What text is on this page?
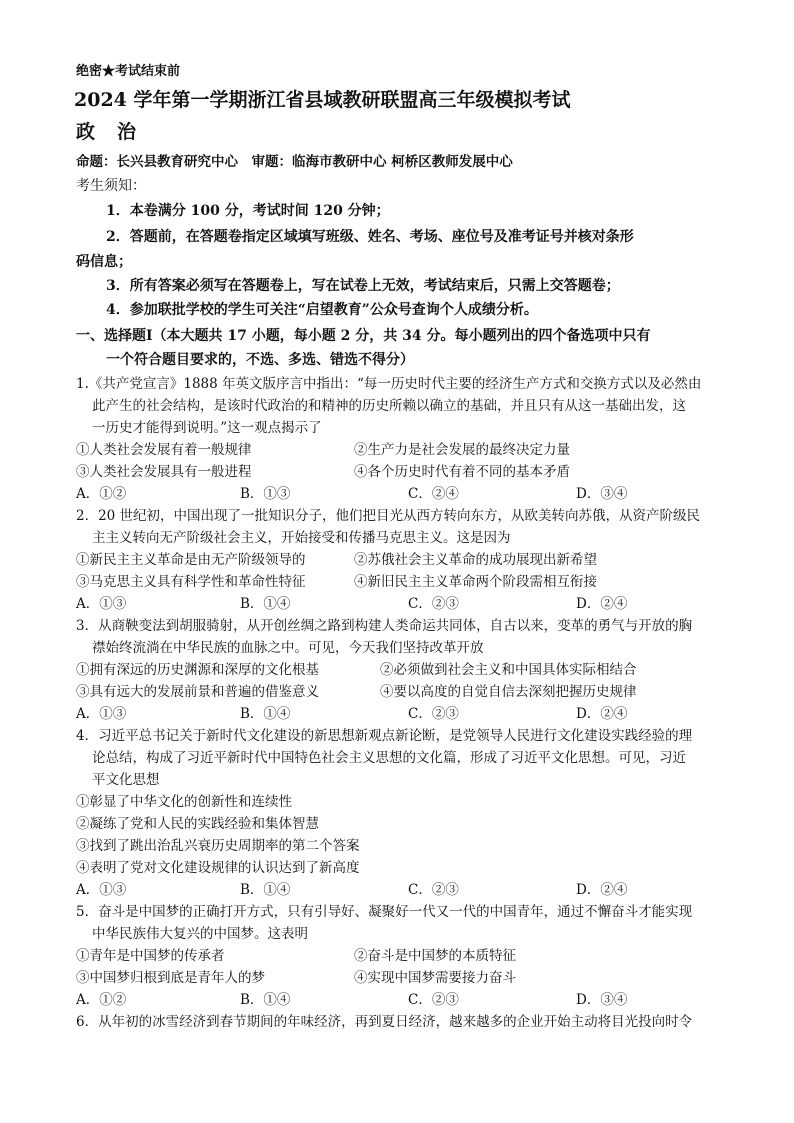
绝密★考试结束前
2024 学年第一学期浙江省县域教研联盟高三年级模拟考试
政治
命题：长兴县教育研究中心　审题：临海市教研中心 柯桥区教师发展中心
考生须知：
1．本卷满分 100 分，考试时间 120 分钟；
2．答题前，在答题卷指定区域填写班级、姓名、考场、座位号及准考证号并核对条形
码信息；
3．所有答案必须写在答题卷上，写在试卷上无效，考试结束后，只需上交答题卷；
4．参加联批学校的学生可关注“启望教育”公众号查询个人成绩分析。
一、选择题Ⅰ（本大题共 17 小题，每小题 2 分，共 34 分。每小题列出的四个备选项中只有
一个符合题目要求的，不选、多选、错选不得分）
1.《共产党宣言》1888 年英文版序言中指出：“每一历史时代主要的经济生产方式和交换方式以及必然由
此产生的社会结构，是该时代政治的和精神的历史所赖以确立的基础，并且只有从这一基础出发，这
一历史才能得到说明。”这一观点揭示了
①人类社会发展有着一般规律	②生产力是社会发展的最终决定力量
③人类社会发展具有一般进程	④各个历史时代有着不同的基本矛盾
A．①②	B．①③	C．②④	D．③④
2．20 世纪初，中国出现了一批知识分子，他们把目光从西方转向东方，从欧美转向苏俄，从资产阶级民
主主义转向无产阶级社会主义，开始接受和传播马克思主义。这是因为
①新民主主义革命是由无产阶级领导的	②苏俄社会主义革命的成功展现出新希望
③马克思主义具有科学性和革命性特征	④新旧民主主义革命两个阶段需相互衔接
A．①③	B．①④	C．②③	D．②④
3．从商鞅变法到胡服骑射，从开创丝绸之路到构建人类命运共同体，自古以来，变革的勇气与开放的胸
襟始终流淌在中华民族的血脉之中。可见，今天我们坚持改革开放
①拥有深远的历史渊源和深厚的文化根基	②必须做到社会主义和中国具体实际相结合
③具有远大的发展前景和普遍的借鉴意义	④要以高度的自觉自信去深刻把握历史规律
A．①③	B．①④	C．②③	D．②④
4．习近平总书记关于新时代文化建设的新思想新观点新论断，是党领导人民进行文化建设实践经验的理
论总结，构成了习近平新时代中国特色社会主义思想的文化篇，形成了习近平文化思想。可见，习近
平文化思想
①彰显了中华文化的创新性和连续性
②凝练了党和人民的实践经验和集体智慧
③找到了跳出治乱兴衰历史周期率的第二个答案
④表明了党对文化建设规律的认识达到了新高度
A．①③	B．①④	C．②③	D．②④
5．奋斗是中国梦的正确打开方式，只有引导好、凝聚好一代又一代的中国青年，通过不懈奋斗才能实现
中华民族伟大复兴的中国梦。这表明
①青年是中国梦的传承者	②奋斗是中国梦的本质特征
③中国梦归根到底是青年人的梦	④实现中国梦需要接力奋斗
A．①②	B．①④	C．②③	D．③④
6．从年初的冰雪经济到春节期间的年味经济，再到夏日经济，越来越多的企业开始主动将目光投向时令
